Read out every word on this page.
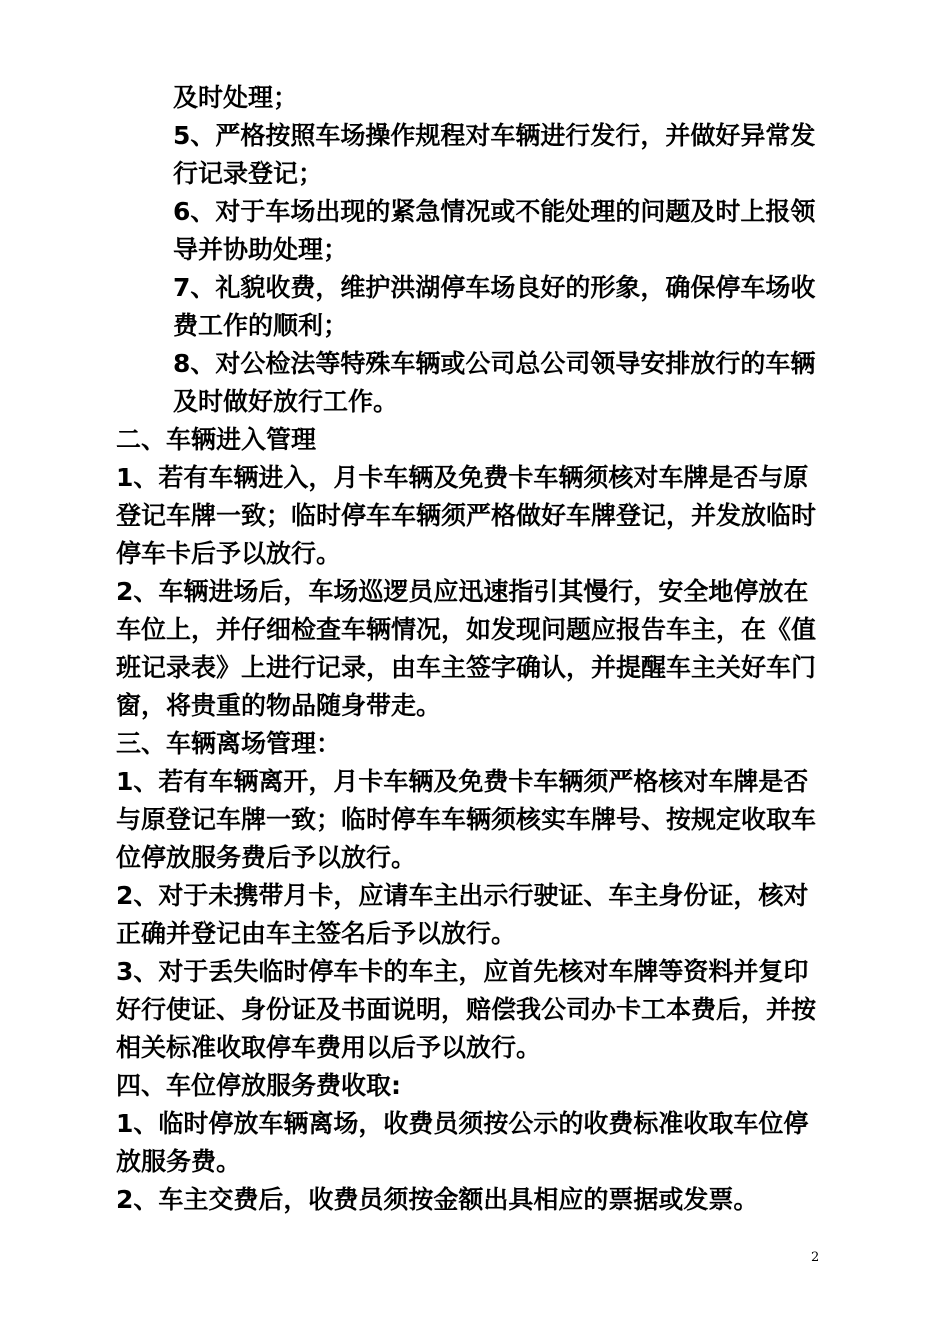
及时处理；
5、严格按照车场操作规程对车辆进行发行，并做好异常发
行记录登记；
6、对于车场出现的紧急情况或不能处理的问题及时上报领
导并协助处理；
7、礼貌收费，维护洪湖停车场良好的形象，确保停车场收
费工作的顺利；
8、对公检法等特殊车辆或公司总公司领导安排放行的车辆
及时做好放行工作。
二、车辆进入管理
1、若有车辆进入，月卡车辆及免费卡车辆须核对车牌是否与原
登记车牌一致；临时停车车辆须严格做好车牌登记，并发放临时
停车卡后予以放行。
2、车辆进场后，车场巡逻员应迅速指引其慢行，安全地停放在
车位上，并仔细检查车辆情况，如发现问题应报告车主，在《值
班记录表》上进行记录，由车主签字确认，并提醒车主关好车门
窗，将贵重的物品随身带走。
三、车辆离场管理：
1、若有车辆离开，月卡车辆及免费卡车辆须严格核对车牌是否
与原登记车牌一致；临时停车车辆须核实车牌号、按规定收取车
位停放服务费后予以放行。
2、对于未携带月卡，应请车主出示行驶证、车主身份证，核对
正确并登记由车主签名后予以放行。
3、对于丢失临时停车卡的车主，应首先核对车牌等资料并复印
好行使证、身份证及书面说明，赔偿我公司办卡工本费后，并按
相关标准收取停车费用以后予以放行。
四、车位停放服务费收取:
1、临时停放车辆离场，收费员须按公示的收费标准收取车位停
放服务费。
2、车主交费后，收费员须按金额出具相应的票据或发票。
2
